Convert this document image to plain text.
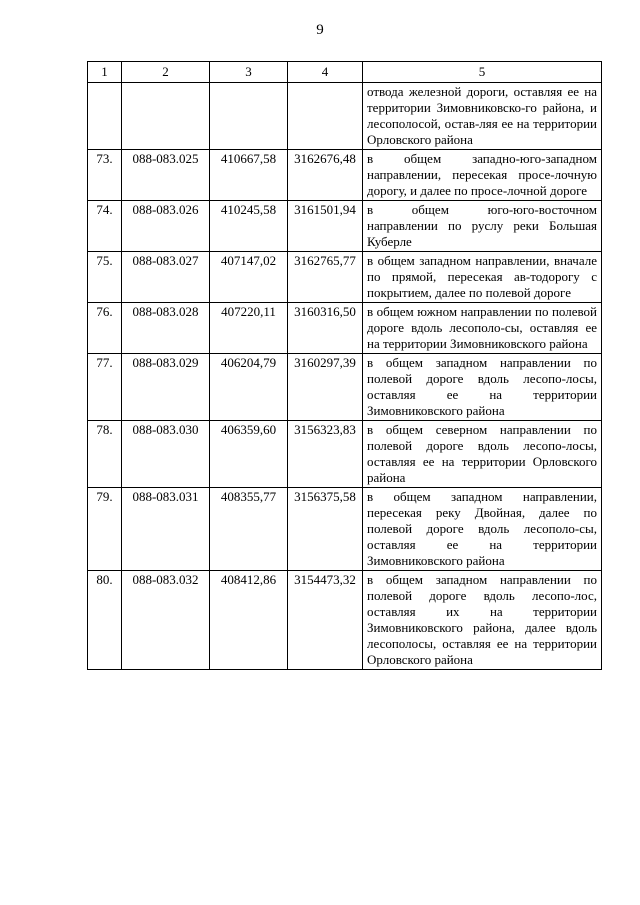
9
1	2	3	4	5
				отвода железной дороги, оставляя ее на территории Зимовниковско-го района, и лесополосой, остав-ляя ее на территории Орловского района
73.	088-083.025	410667,58	3162676,48	в общем западно-юго-западном направлении, пересекая просе-лочную дорогу, и далее по просе-лочной дороге
74.	088-083.026	410245,58	3161501,94	в общем юго-юго-восточном направлении по руслу реки Большая Куберле
75.	088-083.027	407147,02	3162765,77	в общем западном направлении, вначале по прямой, пересекая ав-тодорогу с покрытием, далее по полевой дороге
76.	088-083.028	407220,11	3160316,50	в общем южном направлении по полевой дороге вдоль лесополо-сы, оставляя ее на территории Зимовниковского района
77.	088-083.029	406204,79	3160297,39	в общем западном направлении по полевой дороге вдоль лесопо-лосы, оставляя ее на территории Зимовниковского района
78.	088-083.030	406359,60	3156323,83	в общем северном направлении по полевой дороге вдоль лесопо-лосы, оставляя ее на территории Орловского района
79.	088-083.031	408355,77	3156375,58	в общем западном направлении, пересекая реку Двойная, далее по полевой дороге вдоль лесополо-сы, оставляя ее на территории Зимовниковского района
80.	088-083.032	408412,86	3154473,32	в общем западном направлении по полевой дороге вдоль лесопо-лос, оставляя их на территории Зимовниковского района, далее вдоль лесополосы, оставляя ее на территории Орловского района
